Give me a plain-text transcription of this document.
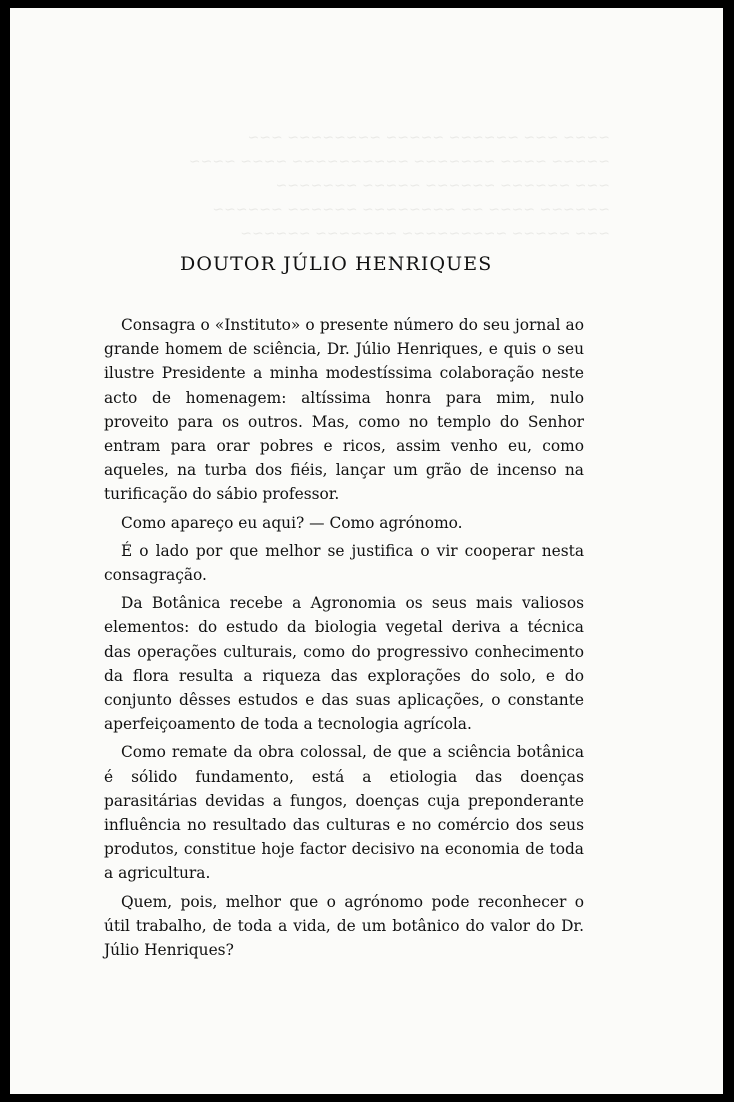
~~~~ ~~~ ~~~~~~ ~~~~~ ~~~~~~~~ ~~~
~~~~~ ~~~~ ~~~~~~~ ~~~~~~~~~~ ~~~~ ~~~~
~~~ ~~~~~~ ~~~~~~ ~~~~~ ~~~~~~~
~~~~~~ ~~~~ ~~ ~~~~~~~~ ~~~~~~ ~~~~~~
~~~ ~~~~~ ~~~~~~~~~ ~~~~~~~ ~~~~~~
DOUTOR JÚLIO HENRIQUES

Consagra o «Instituto» o presente número do seu jornal ao grande homem de sciência, Dr. Júlio Henriques, e quis o seu ilustre Presidente a minha modestíssima colaboração neste acto de homenagem: altíssima honra para mim, nulo proveito para os outros. Mas, como no templo do Senhor entram para orar pobres e ricos, assim venho eu, como aqueles, na turba dos fiéis, lançar um grão de incenso na turificação do sábio professor.

Como apareço eu aqui? — Como agrónomo.

É o lado por que melhor se justifica o vir cooperar nesta consagração.

Da Botânica recebe a Agronomia os seus mais valiosos elementos: do estudo da biologia vegetal deriva a técnica das operações culturais, como do progressivo conhecimento da flora resulta a riqueza das explorações do solo, e do conjunto dêsses estudos e das suas aplicações, o constante aperfeiçoamento de toda a tecnologia agrícola.

Como remate da obra colossal, de que a sciência botânica é sólido fundamento, está a etiologia das doenças parasitárias devidas a fungos, doenças cuja preponderante influência no resultado das culturas e no comércio dos seus produtos, constitue hoje factor decisivo na economia de toda a agricultura.

Quem, pois, melhor que o agrónomo pode reconhecer o útil trabalho, de toda a vida, de um botânico do valor do Dr. Júlio Henriques?
